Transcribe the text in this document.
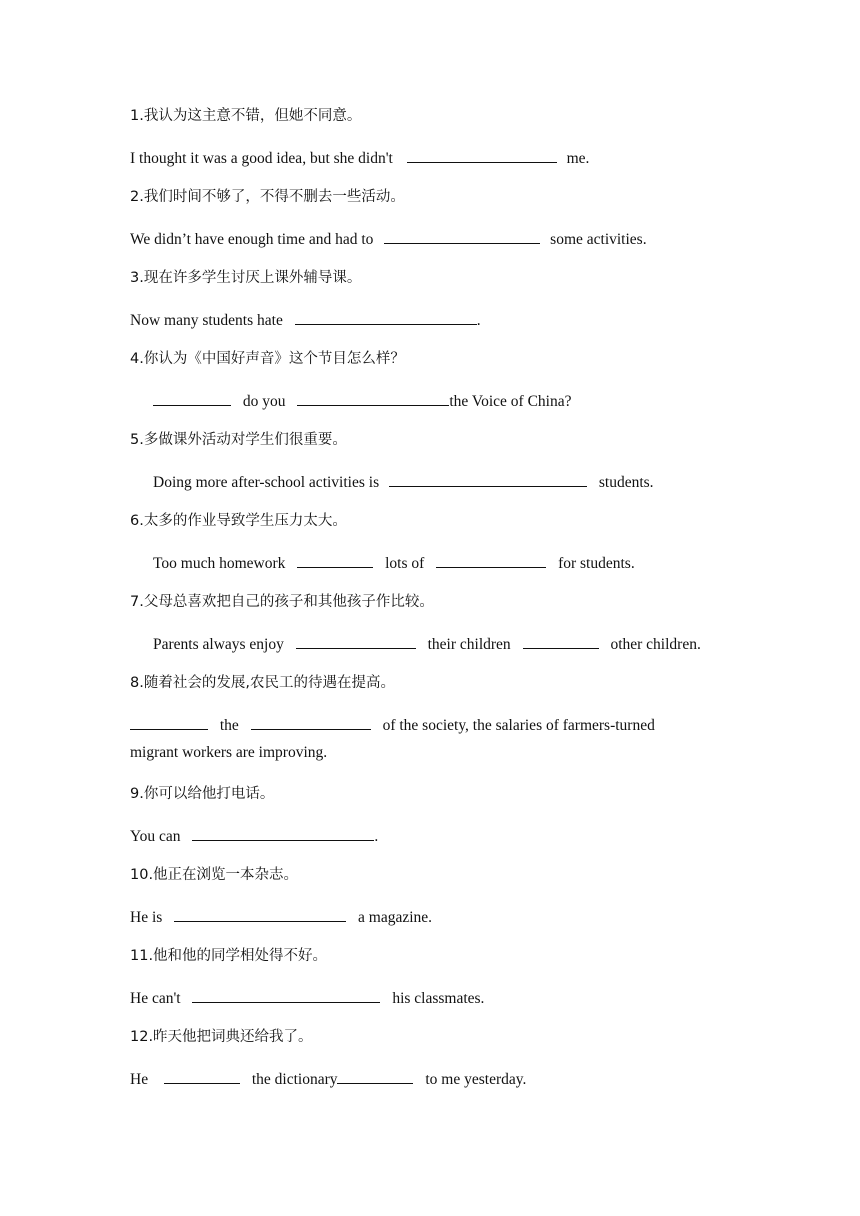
1.我认为这主意不错，但她不同意。
I thought it was a good idea, but she didn't	me.
2.我们时间不够了，不得不删去一些活动。
We didn’t have enough time and had to	some activities.
3.现在许多学生讨厌上课外辅导课。
Now many students hate	.
4.你认为《中国好声音》这个节目怎么样？
do you	the Voice of China?
5.多做课外活动对学生们很重要。
Doing more after-school activities is	students.
6.太多的作业导致学生压力太大。
Too much homework	lots of	for students.
7.父母总喜欢把自己的孩子和其他孩子作比较。
Parents always enjoy	their children	other children.
8.随着社会的发展,农民工的待遇在提高。
the	of the society, the salaries of farmers-turned
migrant workers are improving.
9.你可以给他打电话。
You can	.
10.他正在浏览一本杂志。
He is	a magazine.
11.他和他的同学相处得不好。
He can't	his classmates.
12.昨天他把词典还给我了。
He	the dictionary	to me yesterday.
